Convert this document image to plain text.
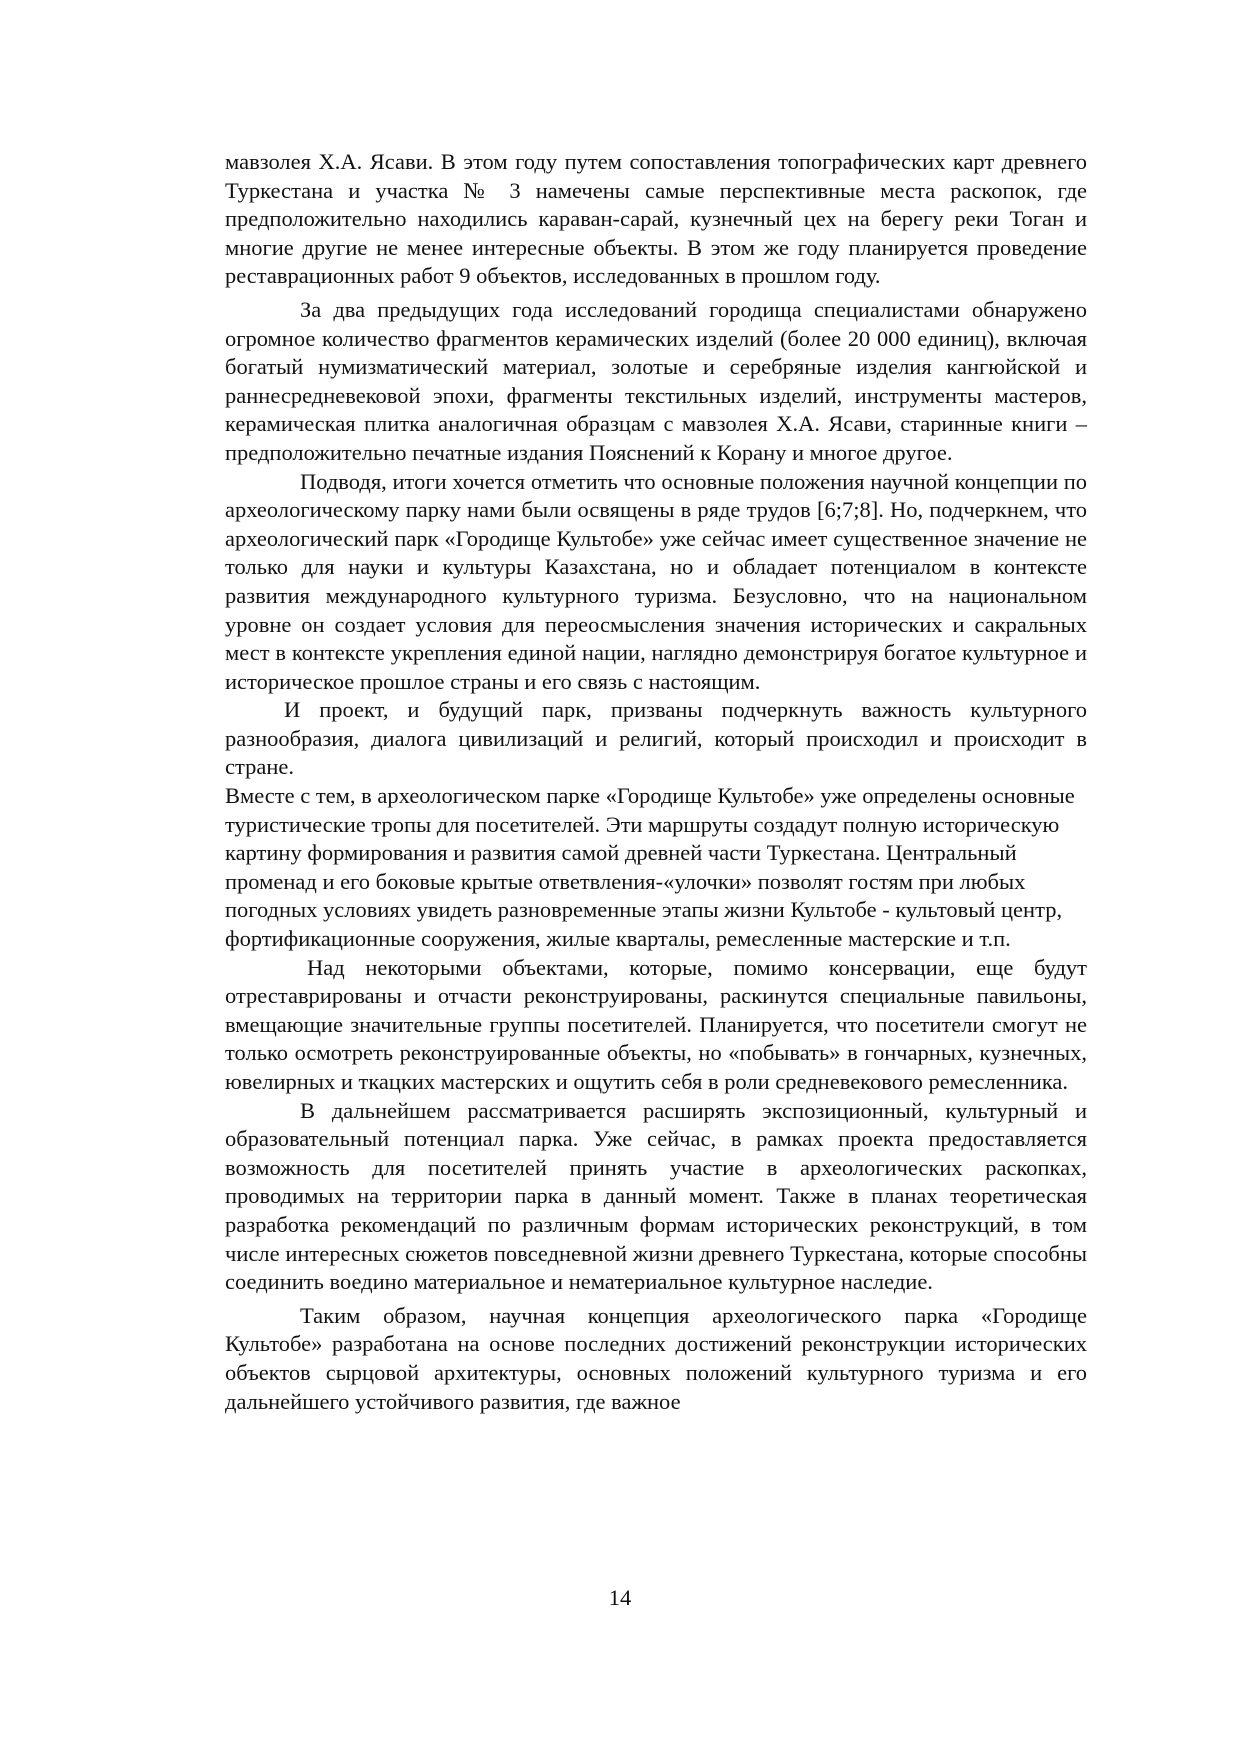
мавзолея Х.А. Ясави. В этом году путем сопоставления топографических карт древнего Туркестана и участка № 3 намечены самые перспективные места раскопок, где предположительно находились караван-сарай, кузнечный цех на берегу реки Тоган и многие другие не менее интересные объекты. В этом же году планируется проведение реставрационных работ 9 объектов, исследованных в прошлом году.

За два предыдущих года исследований городища специалистами обнаружено огромное количество фрагментов керамических изделий (более 20 000 единиц), включая богатый нумизматический материал, золотые и серебряные изделия кангюйской и раннесредневековой эпохи, фрагменты текстильных изделий, инструменты мастеров, керамическая плитка аналогичная образцам с мавзолея Х.А. Ясави, старинные книги – предположительно печатные издания Пояснений к Корану и многое другое.

Подводя, итоги хочется отметить что основные положения научной концепции по археологическому парку нами были освящены в ряде трудов [6;7;8]. Но, подчеркнем, что археологический парк «Городище Культобе» уже сейчас имеет существенное значение не только для науки и культуры Казахстана, но и обладает потенциалом в контексте развития международного культурного туризма. Безусловно, что на национальном уровне он создает условия для переосмысления значения исторических и сакральных мест в контексте укрепления единой нации, наглядно демонстрируя богатое культурное и историческое прошлое страны и его связь с настоящим.

И проект, и будущий парк, призваны подчеркнуть важность культурного разнообразия, диалога цивилизаций и религий, который происходил и происходит в стране.

Вместе с тем, в археологическом парке «Городище Культобе» уже определены основные туристические тропы для посетителей. Эти маршруты создадут полную историческую картину формирования и развития самой древней части Туркестана. Центральный променад и его боковые крытые ответвления-«улочки» позволят гостям при любых погодных условиях увидеть разновременные этапы жизни Культобе - культовый центр, фортификационные сооружения, жилые кварталы, ремесленные мастерские и т.п.

Над некоторыми объектами, которые, помимо консервации, еще будут отреставрированы и отчасти реконструированы, раскинутся специальные павильоны, вмещающие значительные группы посетителей. Планируется, что посетители смогут не только осмотреть реконструированные объекты, но «побывать» в гончарных, кузнечных, ювелирных и ткацких мастерских и ощутить себя в роли средневекового ремесленника.

В дальнейшем рассматривается расширять экспозиционный, культурный и образовательный потенциал парка. Уже сейчас, в рамках проекта предоставляется возможность для посетителей принять участие в археологических раскопках, проводимых на территории парка в данный момент. Также в планах теоретическая разработка рекомендаций по различным формам исторических реконструкций, в том числе интересных сюжетов повседневной жизни древнего Туркестана, которые способны соединить воедино материальное и нематериальное культурное наследие.

Таким образом, научная концепция археологического парка «Городище Культобе» разработана на основе последних достижений реконструкции исторических объектов сырцовой архитектуры, основных положений культурного туризма и его дальнейшего устойчивого развития, где важное

14
